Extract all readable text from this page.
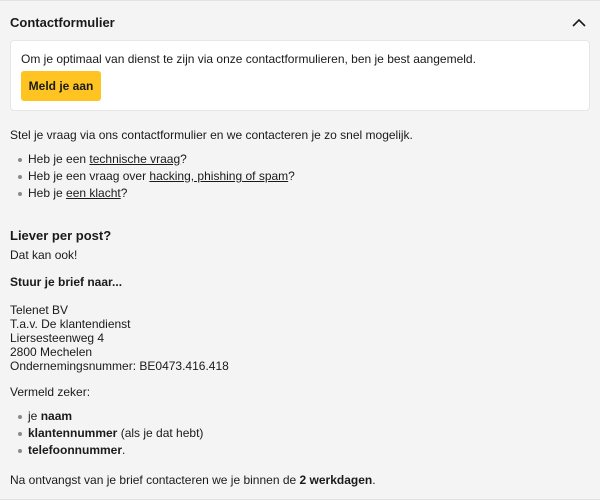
Contactformulier
Om je optimaal van dienst te zijn via onze contactformulieren, ben je best aangemeld.
Meld je aan
Stel je vraag via ons contactformulier en we contacteren je zo snel mogelijk.
Heb je een technische vraag?
Heb je een vraag over hacking, phishing of spam?
Heb je een klacht?
Liever per post?
Dat kan ook!
Stuur je brief naar...
Telenet BV
T.a.v. De klantendienst
Liersesteenweg 4
2800 Mechelen
Ondernemingsnummer: BE0473.416.418
Vermeld zeker:
je naam
klantennummer (als je dat hebt)
telefoonnummer.
Na ontvangst van je brief contacteren we je binnen de 2 werkdagen.
